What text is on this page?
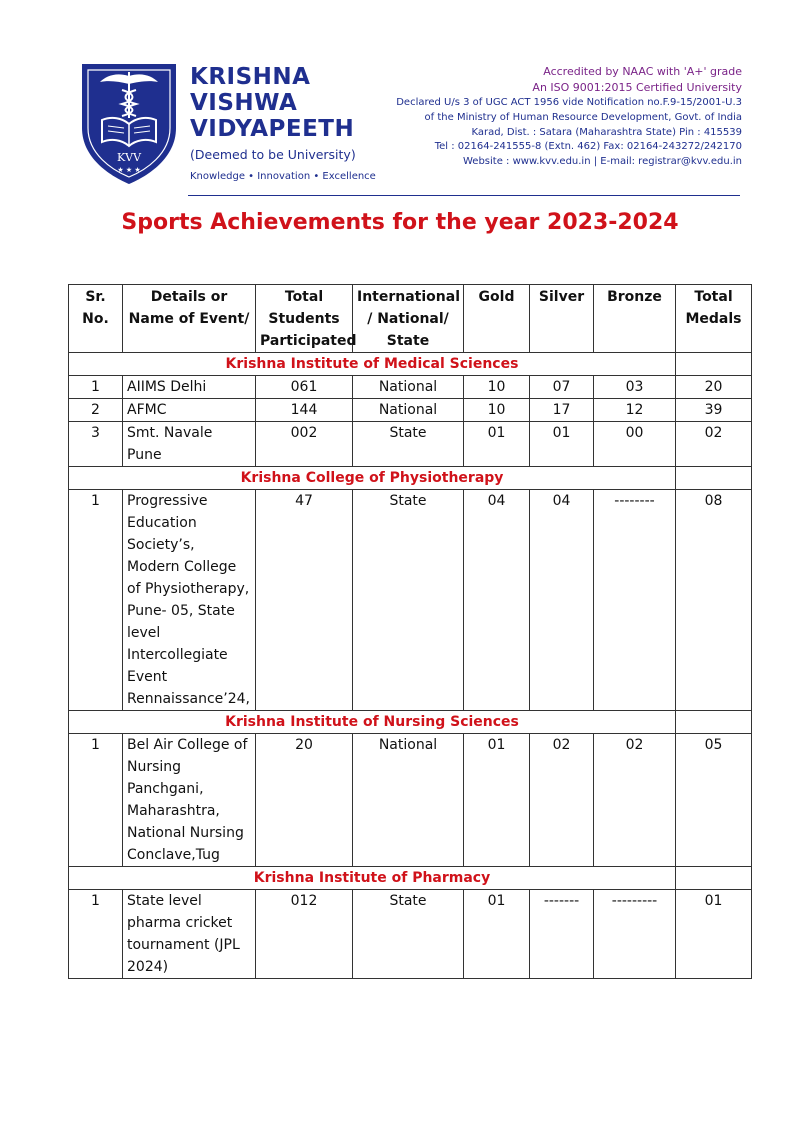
KVV
★ ★ ★
KRISHNA
VISHWA
VIDYAPEETH
(Deemed to be University)
Knowledge • Innovation • Excellence
Accredited by NAAC with 'A+' grade
An ISO 9001:2015 Certified University
Declared U/s 3 of UGC ACT 1956 vide Notification no.F.9-15/2001-U.3
of the Ministry of Human Resource Development, Govt. of India
Karad, Dist. : Satara (Maharashtra State) Pin : 415539
Tel : 02164-241555-8 (Extn. 462) Fax: 02164-243272/242170
Website : www.kvv.edu.in | E-mail: registrar@kvv.edu.in
Sports Achievements for the year 2023-2024
Sr. No.	Details or Name of Event/	Total Students Participated	International / National/ State	Gold	Silver	Bronze	Total Medals
Krishna Institute of Medical Sciences							
1	AIIMS Delhi	061	National	10	07	03	20
2	AFMC	144	National	10	17	12	39
3	Smt. Navale Pune	002	State	01	01	00	02
Krishna College of Physiotherapy							
1	Progressive Education Society’s, Modern College of Physiotherapy, Pune- 05, State level Intercollegiate Event Rennaissance’24,	47	State	04	04	--------	08
Krishna Institute of Nursing Sciences							
1	Bel Air College of Nursing Panchgani, Maharashtra, National Nursing Conclave,Tug	20	National	01	02	02	05
Krishna Institute of Pharmacy							
1	State level pharma cricket tournament (JPL 2024)	012	State	01	-------	---------	01
